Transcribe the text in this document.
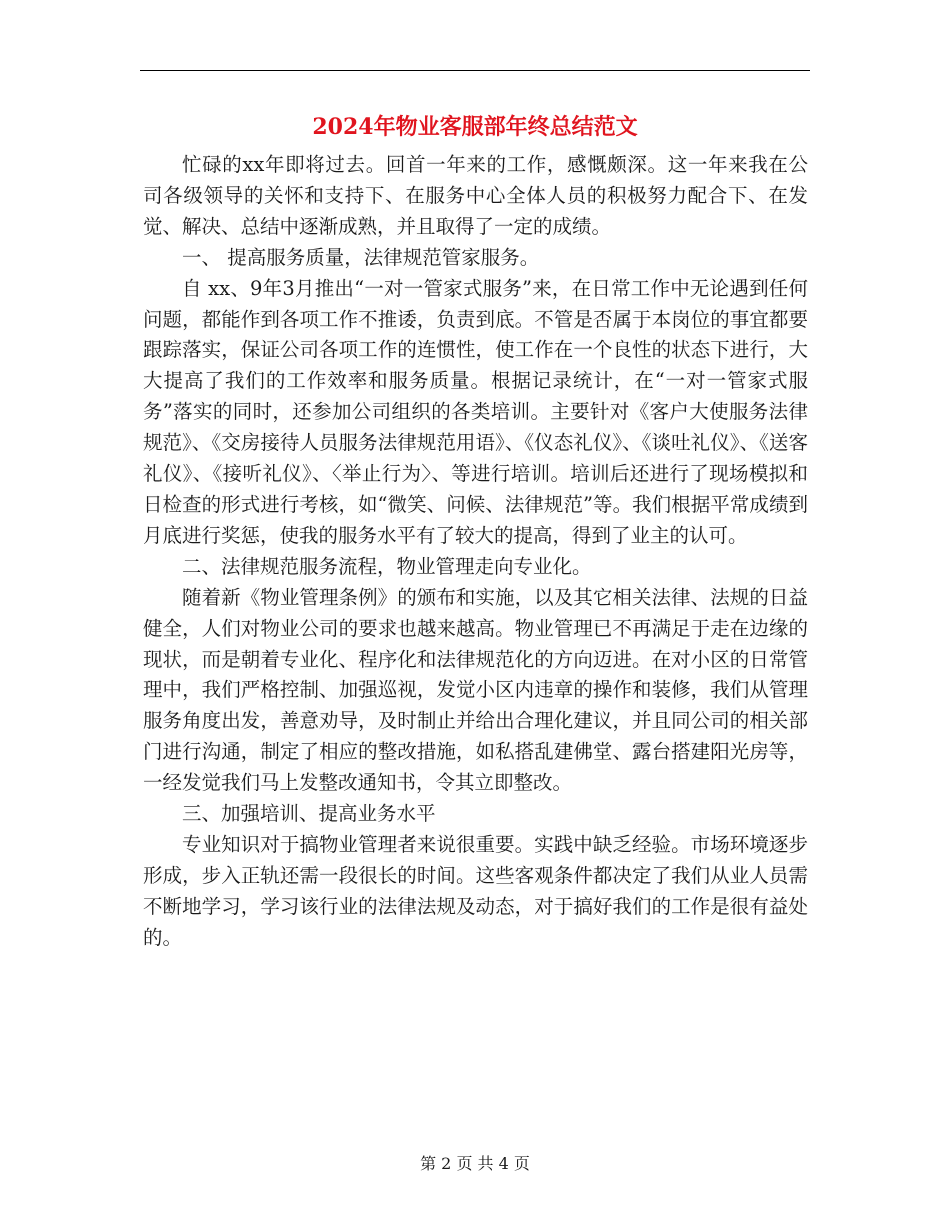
2024年物业客服部年终总结范文

忙碌的xx年即将过去。回首一年来的工作，感慨颇深。这一年来我在公司各级领导的关怀和支持下、在服务中心全体人员的积极努力配合下、在发觉、解决、总结中逐渐成熟，并且取得了一定的成绩。

一、 提高服务质量，法律规范管家服务。

自 xx、9年3月推出“一对一管家式服务”来，在日常工作中无论遇到任何问题，都能作到各项工作不推诿，负责到底。不管是否属于本岗位的事宜都要跟踪落实，保证公司各项工作的连惯性，使工作在一个良性的状态下进行，大大提高了我们的工作效率和服务质量。根据记录统计，在“一对一管家式服务”落实的同时，还参加公司组织的各类培训。主要针对《客户大使服务法律规范》、《交房接待人员服务法律规范用语》、《仪态礼仪》、《谈吐礼仪》、《送客礼仪》、《接听礼仪》、〈举止行为〉、等进行培训。培训后还进行了现场模拟和日检查的形式进行考核，如“微笑、问候、法律规范”等。我们根据平常成绩到月底进行奖惩，使我的服务水平有了较大的提高，得到了业主的认可。

二、法律规范服务流程，物业管理走向专业化。

随着新《物业管理条例》的颁布和实施，以及其它相关法律、法规的日益健全，人们对物业公司的要求也越来越高。物业管理已不再满足于走在边缘的现状，而是朝着专业化、程序化和法律规范化的方向迈进。在对小区的日常管理中，我们严格控制、加强巡视，发觉小区内违章的操作和装修，我们从管理服务角度出发，善意劝导，及时制止并给出合理化建议，并且同公司的相关部门进行沟通，制定了相应的整改措施，如私搭乱建佛堂、露台搭建阳光房等，一经发觉我们马上发整改通知书，令其立即整改。

三、加强培训、提高业务水平

专业知识对于搞物业管理者来说很重要。实践中缺乏经验。市场环境逐步形成，步入正轨还需一段很长的时间。这些客观条件都决定了我们从业人员需不断地学习，学习该行业的法律法规及动态，对于搞好我们的工作是很有益处的。

第 2 页 共 4 页
